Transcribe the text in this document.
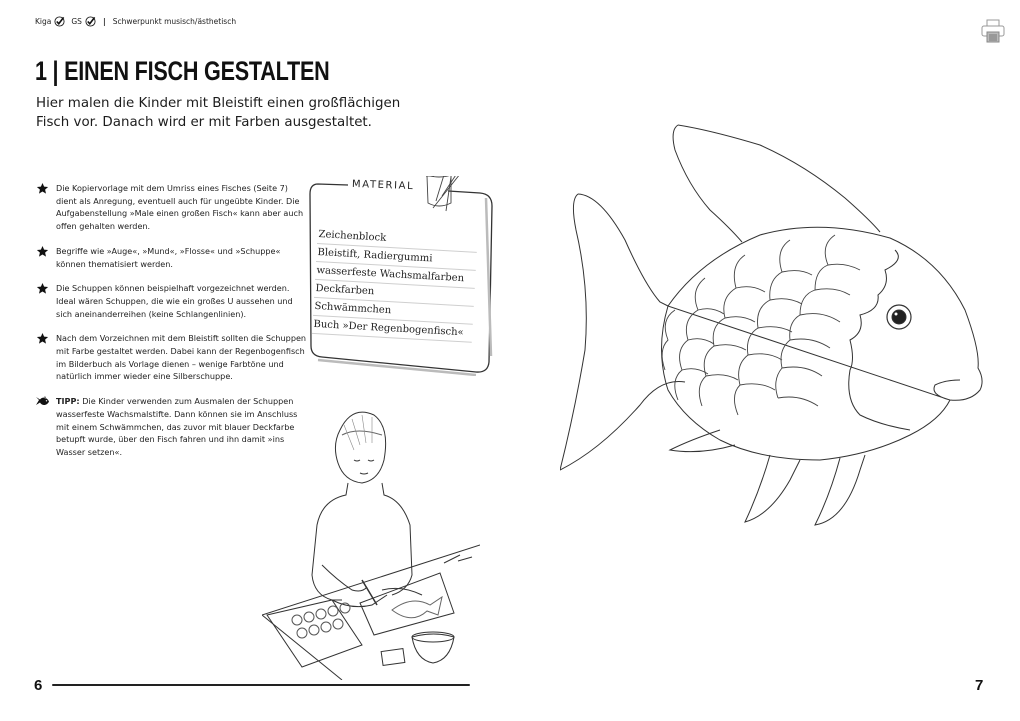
Kiga	GS	| Schwerpunkt musisch/ästhetisch
1 | EINEN FISCH GESTALTEN
Hier malen die Kinder mit Bleistift einen großflächigen Fisch vor. Danach wird er mit Farben ausgestaltet.
Die Kopiervorlage mit dem Umriss eines Fisches (Seite 7) dient als Anregung, eventuell auch für ungeübte Kinder. Die Aufgabenstellung »Male einen großen Fisch« kann aber auch offen gehalten werden.
Begriffe wie »Auge«, »Mund«, »Flosse« und »Schuppe« können thematisiert werden.
Die Schuppen können beispielhaft vorgezeichnet werden. Ideal wären Schuppen, die wie ein großes U aussehen und sich aneinanderreihen (keine Schlangenlinien).
Nach dem Vorzeichnen mit dem Bleistift sollten die Schuppen mit Farbe gestaltet werden. Dabei kann der Regenbogenfisch im Bilderbuch als Vorlage dienen – wenige Farbtöne und natürlich immer wieder eine Silberschuppe.
TIPP: Die Kinder verwenden zum Ausmalen der Schuppen wasserfeste Wachsmalstifte. Dann können sie im Anschluss mit einem Schwämmchen, das zuvor mit blauer Deckfarbe betupft wurde, über den Fisch fahren und ihn damit »ins Wasser setzen«.
MATERIAL
Zeichenblock
Bleistift, Radiergummi
wasserfeste Wachsmalfarben
Deckfarben
Schwämmchen
Buch »Der Regenbogenfisch«
6	7
